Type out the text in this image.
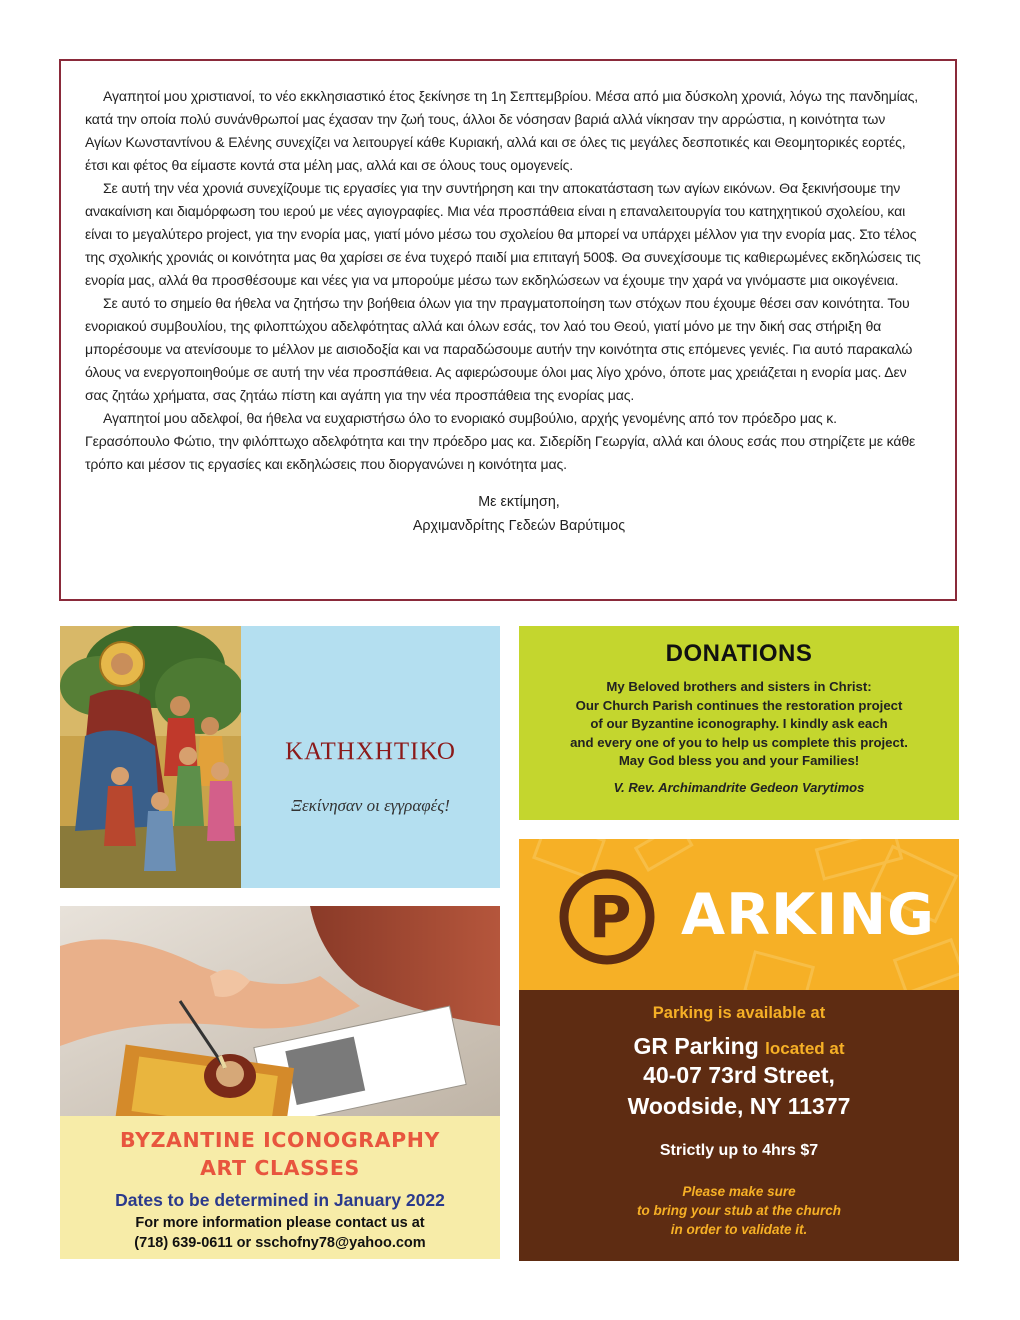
Αγαπητοί μου χριστιανοί, το νέο εκκλησιαστικό έτος ξεκίνησε τη 1η Σεπτεμβρίου. Μέσα από μια δύσκολη χρονιά, λόγω της πανδημίας, κατά την οποία πολύ συνάνθρωποί μας έχασαν την ζωή τους, άλλοι δε νόσησαν βαριά αλλά νίκησαν την αρρώστια, η κοινότητα των Αγίων Κωνσταντίνου & Ελένης συνεχίζει να λειτουργεί κάθε Κυριακή, αλλά και σε όλες τις μεγάλες δεσποτικές και Θεομητορικές εορτές, έτσι και φέτος θα είμαστε κοντά στα μέλη μας, αλλά και σε όλους τους ομογενείς.

Σε αυτή την νέα χρονιά συνεχίζουμε τις εργασίες για την συντήρηση και την αποκατάσταση των αγίων εικόνων. Θα ξεκινήσουμε την ανακαίνιση και διαμόρφωση του ιερού με νέες αγιογραφίες. Μια νέα προσπάθεια είναι η επαναλειτουργία του κατηχητικού σχολείου, και είναι το μεγαλύτερο project, για την ενορία μας, γιατί μόνο μέσω του σχολείου θα μπορεί να υπάρχει μέλλον για την ενορία μας. Στο τέλος της σχολικής χρονιάς οι κοινότητα μας θα χαρίσει σε ένα τυχερό παιδί μια επιταγή 500$. Θα συνεχίσουμε τις καθιερωμένες εκδηλώσεις τις ενορία μας, αλλά θα προσθέσουμε και νέες για να μπορούμε μέσω των εκδηλώσεων να έχουμε την χαρά να γινόμαστε μια οικογένεια.

Σε αυτό το σημείο θα ήθελα να ζητήσω την βοήθεια όλων για την πραγματοποίηση των στόχων που έχουμε θέσει σαν κοινότητα. Του ενοριακού συμβουλίου, της φιλοπτώχου αδελφότητας αλλά και όλων εσάς, τον λαό του Θεού, γιατί μόνο με την δική σας στήριξη θα μπορέσουμε να ατενίσουμε το μέλλον με αισιοδοξία και να παραδώσουμε αυτήν την κοινότητα στις επόμενες γενιές. Για αυτό παρακαλώ όλους να ενεργοποιηθούμε σε αυτή την νέα προσπάθεια. Ας αφιερώσουμε όλοι μας λίγο χρόνο, όποτε μας χρειάζεται η ενορία μας. Δεν σας ζητάω χρήματα, σας ζητάω πίστη και αγάπη για την νέα προσπάθεια της ενορίας μας.

Αγαπητοί μου αδελφοί, θα ήθελα να ευχαριστήσω όλο το ενοριακό συμβούλιο, αρχής γενομένης από τον πρόεδρο μας κ. Γερασόπουλο Φώτιο, την φιλόπτωχο αδελφότητα και την πρόεδρο μας κα. Σιδερίδη Γεωργία, αλλά και όλους εσάς που στηρίζετε με κάθε τρόπο και μέσον τις εργασίες και εκδηλώσεις που διοργανώνει η κοινότητα μας.

Με εκτίμηση,
Αρχιμανδρίτης Γεδεών Βαρύτιμος
ΚΑΤΗΧΗΤΙΚΟ
Ξεκίνησαν οι εγγραφές!
DONATIONS
My Beloved brothers and sisters in Christ:
Our Church Parish continues the restoration project
of our Byzantine iconography. I kindly ask each
and every one of you to help us complete this project.
May God bless you and your Families!
V. Rev. Archimandrite Gedeon Varytimos
BYZANTINE ICONOGRAPHY
ART CLASSES
Dates to be determined in January 2022
For more information please contact us at
(718) 639-0611 or sschofny78@yahoo.com
P ARKING
Parking is available at
GR Parking located at
40-07 73rd Street,
Woodside, NY 11377
Strictly up to 4hrs $7
Please make sure
to bring your stub at the church
in order to validate it.
